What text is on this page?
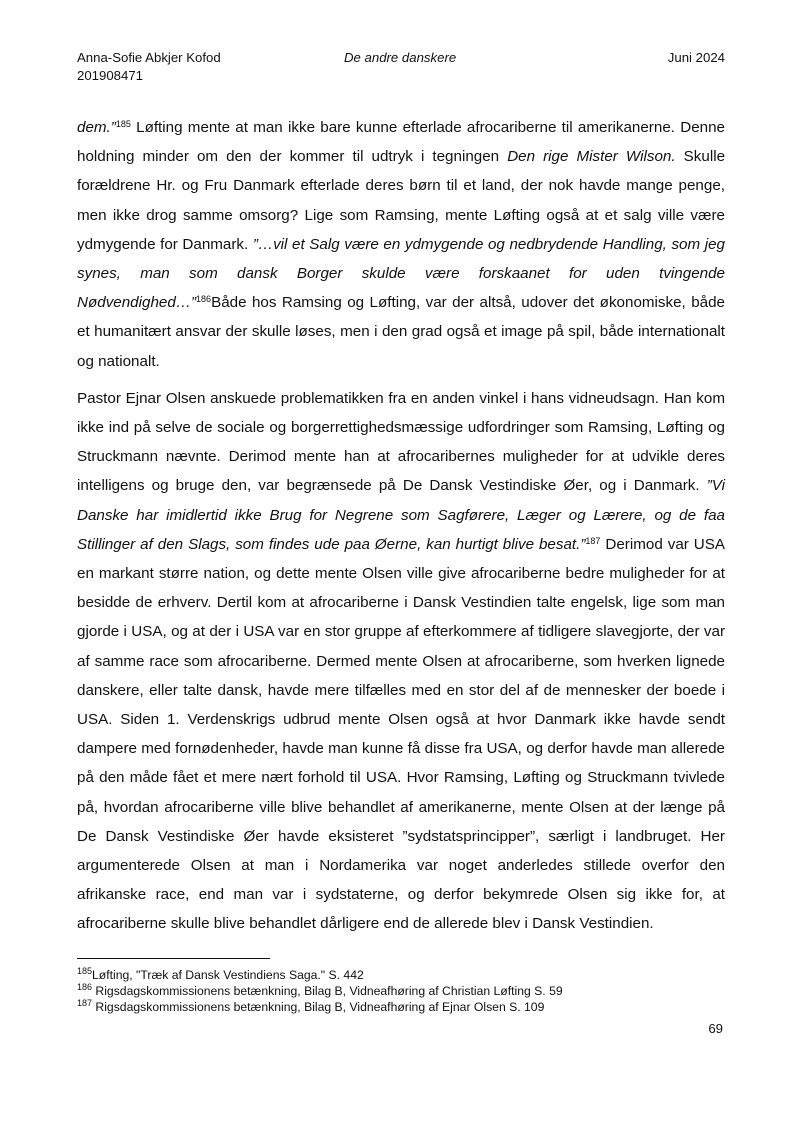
Anna-Sofie Abkjer Kofod
201908471
De andre danskere	Juni 2024

dem.”$^{185}$ Løfting mente at man ikke bare kunne efterlade afrocariberne til amerikanerne. Denne holdning minder om den der kommer til udtryk i tegningen Den rige Mister Wilson. Skulle forældrene Hr. og Fru Danmark efterlade deres børn til et land, der nok havde mange penge, men ikke drog samme omsorg? Lige som Ramsing, mente Løfting også at et salg ville være ydmygende for Danmark. ”…vil et Salg være en ydmygende og nedbrydende Handling, som jeg synes, man som dansk Borger skulde være forskaanet for uden tvingende Nødvendighed…”$^{186}$Både hos Ramsing og Løfting, var der altså, udover det økonomiske, både et humanitært ansvar der skulle løses, men i den grad også et image på spil, både internationalt og nationalt.

Pastor Ejnar Olsen anskuede problematikken fra en anden vinkel i hans vidneudsagn. Han kom ikke ind på selve de sociale og borgerrettighedsmæssige udfordringer som Ramsing, Løfting og Struckmann nævnte. Derimod mente han at afrocaribernes muligheder for at udvikle deres intelligens og bruge den, var begrænsede på De Dansk Vestindiske Øer, og i Danmark. ”Vi Danske har imidlertid ikke Brug for Negrene som Sagførere, Læger og Lærere, og de faa Stillinger af den Slags, som findes ude paa Øerne, kan hurtigt blive besat.”$^{187}$ Derimod var USA en markant større nation, og dette mente Olsen ville give afrocariberne bedre muligheder for at besidde de erhverv. Dertil kom at afrocariberne i Dansk Vestindien talte engelsk, lige som man gjorde i USA, og at der i USA var en stor gruppe af efterkommere af tidligere slavegjorte, der var af samme race som afrocariberne. Dermed mente Olsen at afrocariberne, som hverken lignede danskere, eller talte dansk, havde mere tilfælles med en stor del af de mennesker der boede i USA. Siden 1. Verdenskrigs udbrud mente Olsen også at hvor Danmark ikke havde sendt dampere med fornødenheder, havde man kunne få disse fra USA, og derfor havde man allerede på den måde fået et mere nært forhold til USA. Hvor Ramsing, Løfting og Struckmann tvivlede på, hvordan afrocariberne ville blive behandlet af amerikanerne, mente Olsen at der længe på De Dansk Vestindiske Øer havde eksisteret ”sydstatsprincipper”, særligt i landbruget. Her argumenterede Olsen at man i Nordamerika var noget anderledes stillede overfor den afrikanske race, end man var i sydstaterne, og derfor bekymrede Olsen sig ikke for, at afrocariberne skulle blive behandlet dårligere end de allerede blev i Dansk Vestindien.

$^{185}$Løfting, "Træk af Dansk Vestindiens Saga." S. 442
$^{186}$ Rigsdagskommissionens betænkning, Bilag B, Vidneafhøring af Christian Løfting S. 59
$^{187}$ Rigsdagskommissionens betænkning, Bilag B, Vidneafhøring af Ejnar Olsen S. 109
69
